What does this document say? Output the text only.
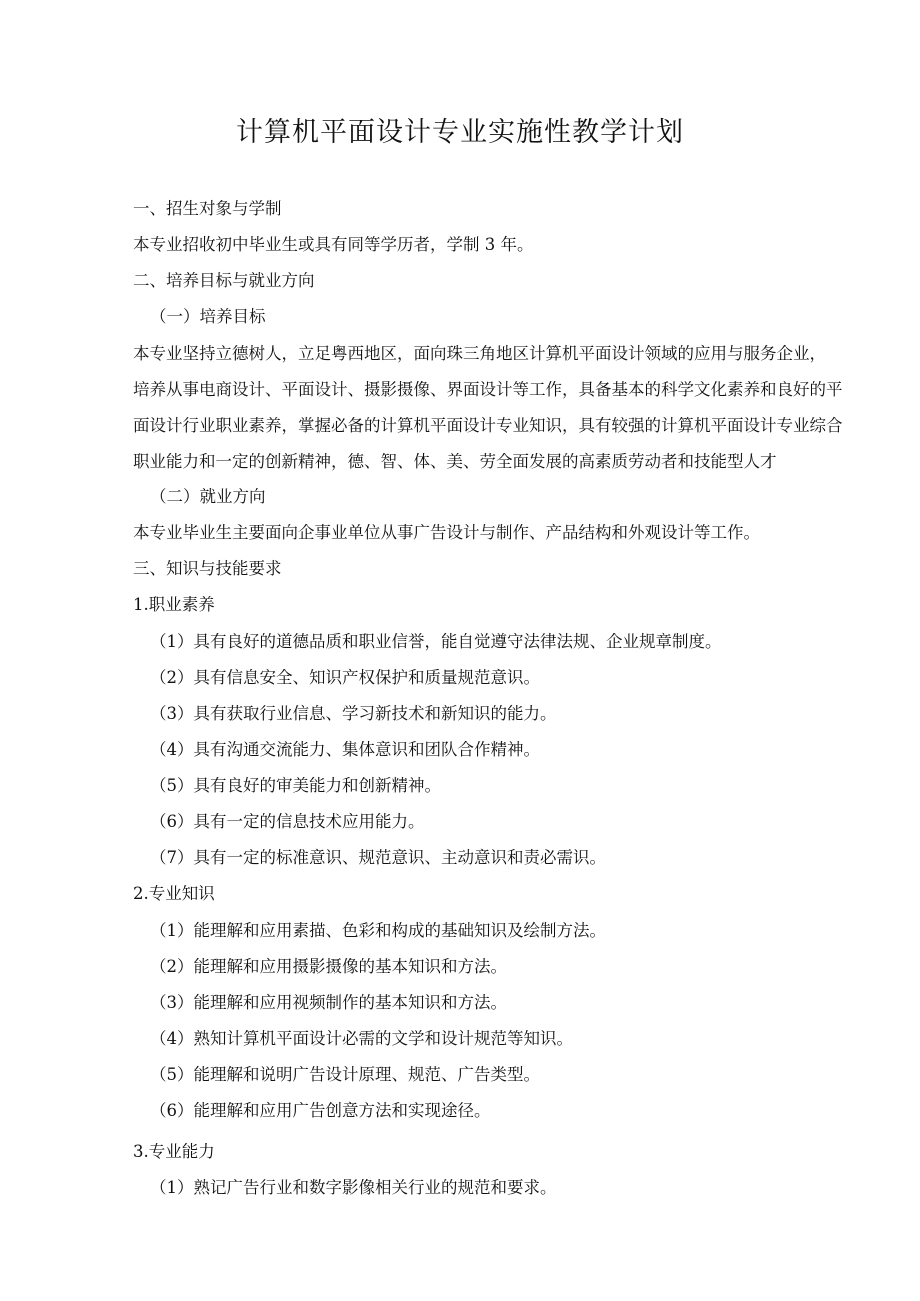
计算机平面设计专业实施性教学计划
一、招生对象与学制
本专业招收初中毕业生或具有同等学历者，学制 3 年。
二、培养目标与就业方向
（一）培养目标
本专业坚持立德树人，立足粤西地区，面向珠三角地区计算机平面设计领域的应用与服务企业，
培养从事电商设计、平面设计、摄影摄像、界面设计等工作，具备基本的科学文化素养和良好的平
面设计行业职业素养，掌握必备的计算机平面设计专业知识，具有较强的计算机平面设计专业综合
职业能力和一定的创新精神，德、智、体、美、劳全面发展的高素质劳动者和技能型人才
（二）就业方向
本专业毕业生主要面向企事业单位从事广告设计与制作、产品结构和外观设计等工作。
三、知识与技能要求
1.职业素养
（1）具有良好的道德品质和职业信誉，能自觉遵守法律法规、企业规章制度。
（2）具有信息安全、知识产权保护和质量规范意识。
（3）具有获取行业信息、学习新技术和新知识的能力。
（4）具有沟通交流能力、集体意识和团队合作精神。
（5）具有良好的审美能力和创新精神。
（6）具有一定的信息技术应用能力。
（7）具有一定的标准意识、规范意识、主动意识和责必需识。
2.专业知识
（1）能理解和应用素描、色彩和构成的基础知识及绘制方法。
（2）能理解和应用摄影摄像的基本知识和方法。
（3）能理解和应用视频制作的基本知识和方法。
（4）熟知计算机平面设计必需的文学和设计规范等知识。
（5）能理解和说明广告设计原理、规范、广告类型。
（6）能理解和应用广告创意方法和实现途径。
3.专业能力
（1）熟记广告行业和数字影像相关行业的规范和要求。
